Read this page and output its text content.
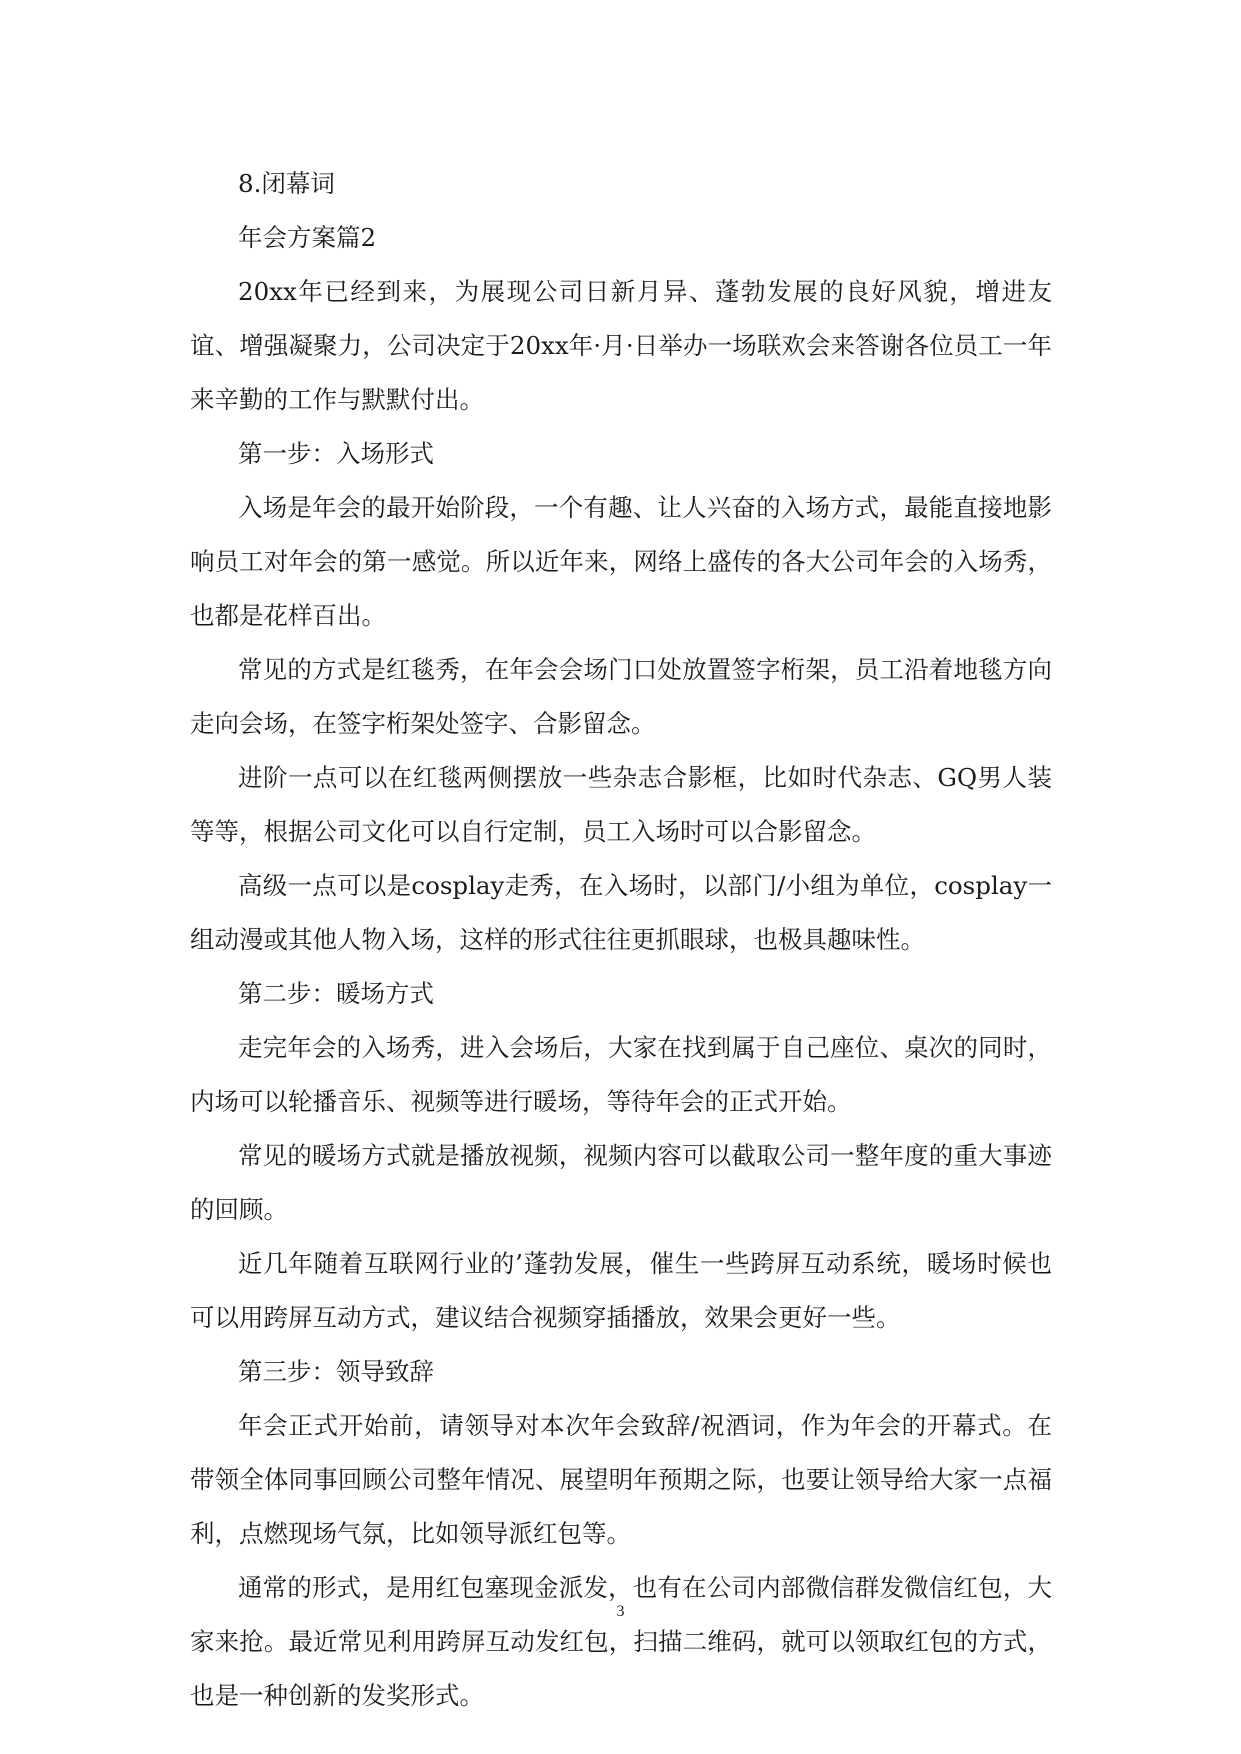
8.闭幕词

年会方案篇2

20xx年已经到来，为展现公司日新月异、蓬勃发展的良好风貌，增进友谊、增强凝聚力，公司决定于20xx年·月·日举办一场联欢会来答谢各位员工一年来辛勤的工作与默默付出。

第一步：入场形式

入场是年会的最开始阶段，一个有趣、让人兴奋的入场方式，最能直接地影响员工对年会的第一感觉。所以近年来，网络上盛传的各大公司年会的入场秀，也都是花样百出。

常见的方式是红毯秀，在年会会场门口处放置签字桁架，员工沿着地毯方向走向会场，在签字桁架处签字、合影留念。

进阶一点可以在红毯两侧摆放一些杂志合影框，比如时代杂志、GQ男人装等等，根据公司文化可以自行定制，员工入场时可以合影留念。

高级一点可以是cosplay走秀，在入场时，以部门/小组为单位，cosplay一组动漫或其他人物入场，这样的形式往往更抓眼球，也极具趣味性。

第二步：暖场方式

走完年会的入场秀，进入会场后，大家在找到属于自己座位、桌次的同时，内场可以轮播音乐、视频等进行暖场，等待年会的正式开始。

常见的暖场方式就是播放视频，视频内容可以截取公司一整年度的重大事迹的回顾。

近几年随着互联网行业的’蓬勃发展，催生一些跨屏互动系统，暖场时候也可以用跨屏互动方式，建议结合视频穿插播放，效果会更好一些。

第三步：领导致辞

年会正式开始前，请领导对本次年会致辞/祝酒词，作为年会的开幕式。在带领全体同事回顾公司整年情况、展望明年预期之际，也要让领导给大家一点福利，点燃现场气氛，比如领导派红包等。

通常的形式，是用红包塞现金派发，也有在公司内部微信群发微信红包，大家来抢。最近常见利用跨屏互动发红包，扫描二维码，就可以领取红包的方式，也是一种创新的发奖形式。

3
